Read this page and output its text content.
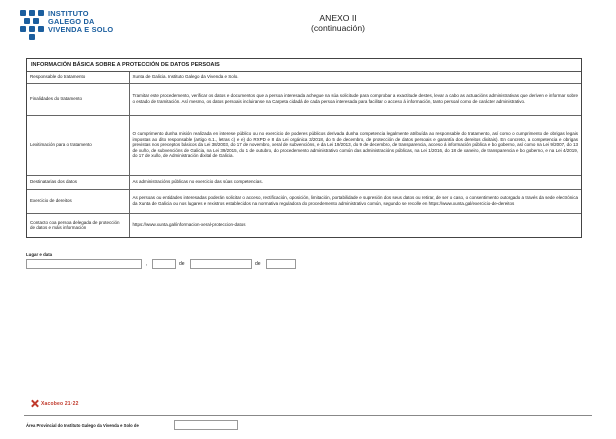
INSTITUTO
GALEGO DA
VIVENDA E SOLO
ANEXO II
(continuación)
INFORMACIÓN BÁSICA SOBRE A PROTECCIÓN DE DATOS PERSOAIS
Responsable do tratamento	Xunta de Galicia. Instituto Galego da Vivenda e Solo.
Finalidades do tratamento	Tramitar este procedemento, verificar os datos e documentos que a persoa interesada achegue na súa solicitude para comprobar a exactitude destes, levar a cabo as actuacións administrativas que deriven e informar sobre o estado de tramitación. Así mesmo, os datos persoais incluiranse na Carpeta cidadá de cada persoa interesada para facilitar o acceso á información, tanto persoal como de carácter administrativo.
Lexitimación para o tratamento	O cumprimento dunha misión realizada en interese público ou no exercicio de poderes públicos derivada dunha competencia legalmente atribuída ao responsable do tratamento, así como o cumprimento de obrigas legais impostas ao dito responsable (artigo 6.1., letras c) e e) do RXPD e 8 da Lei orgánica 3/2018, do 5 de decembro, de protección de datos persoais e garantía dos dereitos dixitais). En concreto, a competencia e obrigas previstas nos preceptos básicos da Lei 38/2003, do 17 de novembro, xeral de subvencións, e da Lei 19/2013, do 9 de decembro, de transparencia, acceso á información pública e bo goberno, así como na Lei 9/2007, do 13 de xuño, de subvencións de Galicia, na Lei 39/2015, do 1 de outubro, do procedemento administrativo común das administracións públicas, na Lei 1/2016, do 18 de xaneiro, de transparencia e bo goberno, e na Lei 4/2019, do 17 de xullo, de Administración dixital de Galicia.
Destinatarias dos datos	As administracións públicas no exercicio das súas competencias.
Exercicio de dereitos	As persoas ou entidades interesadas poderán solicitar o acceso, rectificación, oposición, limitación, portabilidade e supresión dos seus datos ou retirar, de ser o caso, o consentimento outorgado a través da sede electrónica da Xunta de Galicia ou nos lugares e rexistros establecidos na normativa reguladora do procedemento administrativo común, segundo se recolle en https://www.xunta.gal/exercicio-de-dereitos
Contacto coa persoa delegada de protección de datos e máis información	https://www.xunta.gal/informacion-xeral-proteccion-datos
Lugar e data
,	de	de
Xacobeo 21·22
Área Provincial do Instituto Galego da Vivenda e Solo de
